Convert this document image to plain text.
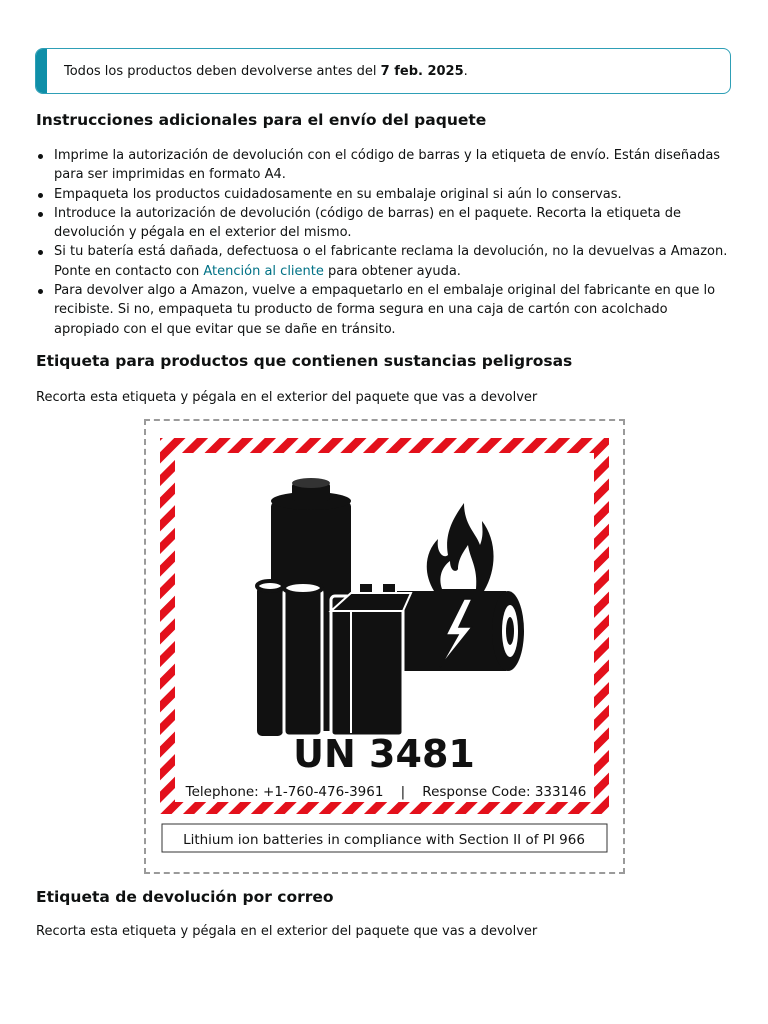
Todos los productos deben devolverse antes del 7 feb. 2025.
Instrucciones adicionales para el envío del paquete
Imprime la autorización de devolución con el código de barras y la etiqueta de envío. Están diseñadas para ser imprimidas en formato A4.
Empaqueta los productos cuidadosamente en su embalaje original si aún lo conservas.
Introduce la autorización de devolución (código de barras) en el paquete. Recorta la etiqueta de devolución y pégala en el exterior del mismo.
Si tu batería está dañada, defectuosa o el fabricante reclama la devolución, no la devuelvas a Amazon. Ponte en contacto con Atención al cliente para obtener ayuda.
Para devolver algo a Amazon, vuelve a empaquetarlo en el embalaje original del fabricante en que lo recibiste. Si no, empaqueta tu producto de forma segura en una caja de cartón con acolchado apropiado con el que evitar que se dañe en tránsito.
Etiqueta para productos que contienen sustancias peligrosas

Recorta esta etiqueta y pégala en el exterior del paquete que vas a devolver

UN 3481
Telephone: +1-760-476-3961    |    Response Code: 333146
Lithium ion batteries in compliance with Section II of PI 966
Etiqueta de devolución por correo

Recorta esta etiqueta y pégala en el exterior del paquete que vas a devolver
